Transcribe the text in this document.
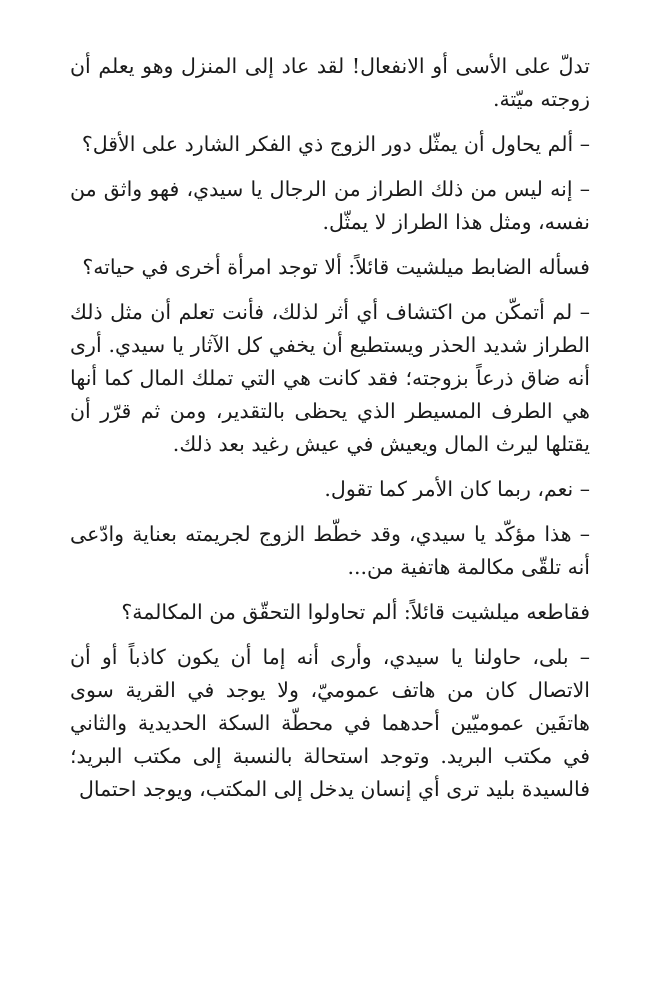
تدلّ على الأسى أو الانفعال! لقد عاد إلى المنزل وهو يعلم أن زوجته ميّتة.

– ألم يحاول أن يمثّل دور الزوج ذي الفكر الشارد على الأقل؟

– إنه ليس من ذلك الطراز من الرجال يا سيدي، فهو واثق من نفسه، ومثل هذا الطراز لا يمثّل.

فسأله الضابط ميلشيت قائلاً: ألا توجد امرأة أخرى في حياته؟

– لم أتمكّن من اكتشاف أي أثر لذلك، فأنت تعلم أن مثل ذلك الطراز شديد الحذر ويستطيع أن يخفي كل الآثار يا سيدي. أرى أنه ضاق ذرعاً بزوجته؛ فقد كانت هي التي تملك المال كما أنها هي الطرف المسيطر الذي يحظى بالتقدير، ومن ثم قرّر أن يقتلها ليرث المال ويعيش في عيش رغيد بعد ذلك.

– نعم، ربما كان الأمر كما تقول.

– هذا مؤكّد يا سيدي، وقد خطّط الزوج لجريمته بعناية وادّعى أنه تلقّى مكالمة هاتفية من...

فقاطعه ميلشيت قائلاً: ألم تحاولوا التحقّق من المكالمة؟

– بلى، حاولنا يا سيدي، وأرى أنه إما أن يكون كاذباً أو أن الاتصال كان من هاتف عموميّ، ولا يوجد في القرية سوى هاتفَين عموميّين أحدهما في محطّة السكة الحديدية والثاني في مكتب البريد. وتوجد استحالة بالنسبة إلى مكتب البريد؛ فالسيدة بليد ترى أي إنسان يدخل إلى المكتب، ويوجد احتمال
